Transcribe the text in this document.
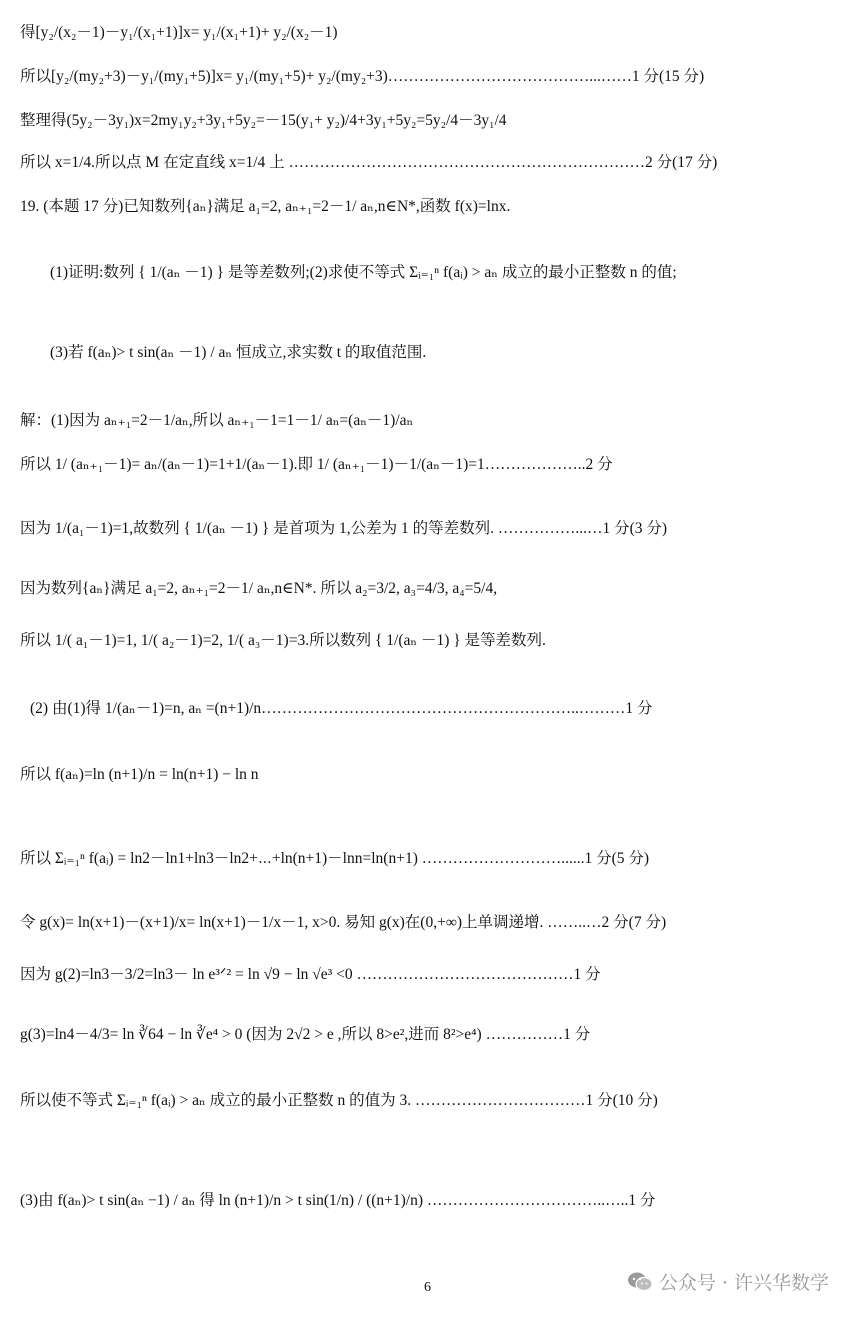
得[y₂/(x₂－1)－y₁/(x₁+1)]x= y₁/(x₁+1)+ y₂/(x₂－1)
所以[y₂/(my₂+3)－y₁/(my₁+5)]x= y₁/(my₁+5)+ y₂/(my₂+3)…………………………………...……1 分(15 分)
整理得(5y₂－3y₁)x=2my₁y₂+3y₁+5y₂=－15(y₁+ y₂)/4+3y₁+5y₂=5y₂/4－3y₁/4
所以 x=1/4.所以点 M 在定直线 x=1/4 上 ……………………………………………………………2 分(17 分)
19. (本题 17 分)已知数列{aₙ}满足 a₁=2, aₙ₊₁=2－1/ aₙ,n∈N*,函数 f(x)=lnx.
(1)证明:数列 { 1/(aₙ －1) } 是等差数列;(2)求使不等式 Σᵢ₌₁ⁿ f(aᵢ) > aₙ 成立的最小正整数 n 的值;
(3)若 f(aₙ)> t sin(aₙ －1) / aₙ 恒成立,求实数 t 的取值范围.
解：(1)因为 aₙ₊₁=2－1/aₙ,所以 aₙ₊₁－1=1－1/ aₙ=(aₙ－1)/aₙ
所以 1/ (aₙ₊₁－1)= aₙ/(aₙ－1)=1+1/(aₙ－1).即 1/ (aₙ₊₁－1)－1/(aₙ－1)=1………………..2 分
因为 1/(a₁－1)=1,故数列 { 1/(aₙ －1) } 是首项为 1,公差为 1 的等差数列. ……………...…1 分(3 分)
因为数列{aₙ}满足 a₁=2, aₙ₊₁=2－1/ aₙ,n∈N*. 所以 a₂=3/2, a₃=4/3, a₄=5/4,
所以 1/( a₁－1)=1, 1/( a₂－1)=2, 1/( a₃－1)=3.所以数列 { 1/(aₙ －1) } 是等差数列.
(2) 由(1)得 1/(aₙ－1)=n, aₙ =(n+1)/n……………………………………………………..………1 分
所以 f(aₙ)=ln (n+1)/n = ln(n+1) − ln n
所以 Σᵢ₌₁ⁿ f(aᵢ) = ln2－ln1+ln3－ln2+⋯+ln(n+1)－lnn=ln(n+1) ………………………......1 分(5 分)
令 g(x)= ln(x+1)－(x+1)/x= ln(x+1)－1/x－1, x>0. 易知 g(x)在(0,+∞)上单调递增. ……..…2 分(7 分)
因为 g(2)=ln3－3/2=ln3－ ln e³ᐟ² = ln √9 − ln √e³ <0 ……………………………………1 分
g(3)=ln4－4/3= ln ∛64 − ln ∛e⁴ > 0 (因为 2√2 > e ,所以 8>e²,进而 8²>e⁴) ……………1 分
所以使不等式 Σᵢ₌₁ⁿ f(aᵢ) > aₙ 成立的最小正整数 n 的值为 3. ……………………………1 分(10 分)
(3)由 f(aₙ)> t sin(aₙ −1) / aₙ 得 ln (n+1)/n > t sin(1/n) / ((n+1)/n) ……………………………..…..1 分
6	公众号 · 许兴华数学
